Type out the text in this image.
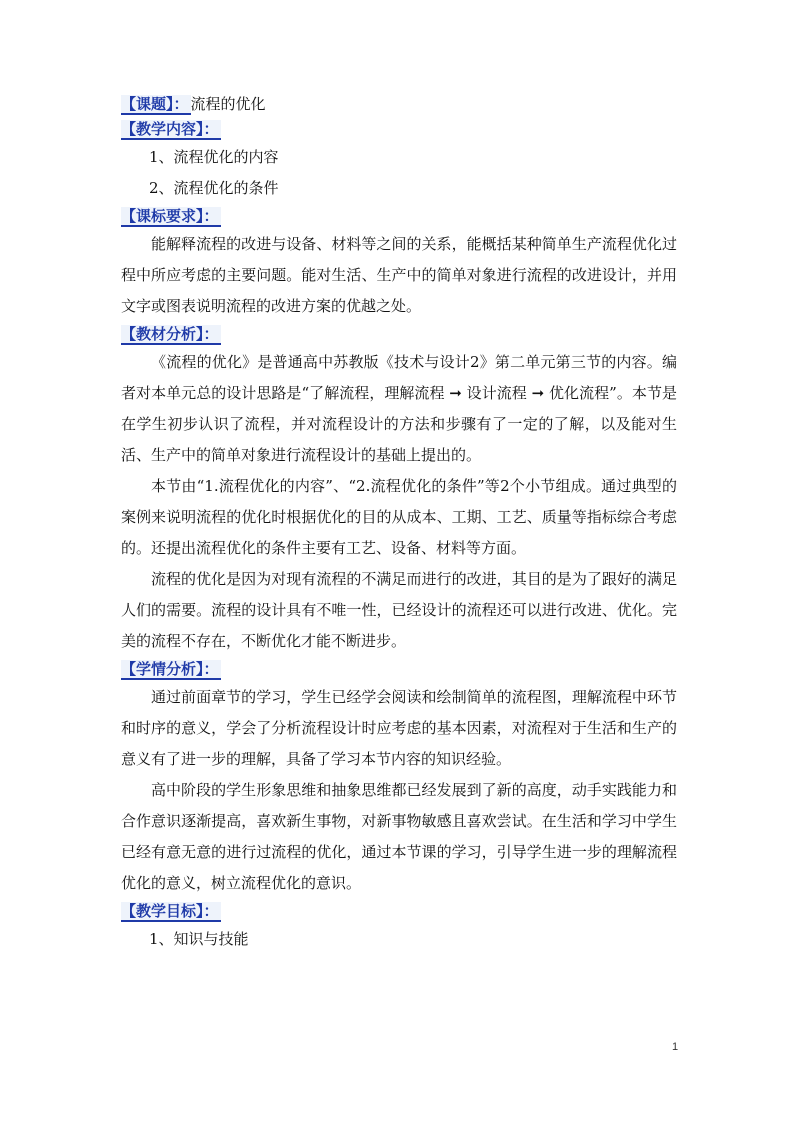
【课题】： 流程的优化

【教学内容】：

1、流程优化的内容

2、流程优化的条件

【课标要求】：

能解释流程的改进与设备、材料等之间的关系，能概括某种简单生产流程优化过程中所应考虑的主要问题。能对生活、生产中的简单对象进行流程的改进设计，并用文字或图表说明流程的改进方案的优越之处。

【教材分析】：

《流程的优化》是普通高中苏教版《技术与设计2》第二单元第三节的内容。编者对本单元总的设计思路是“了解流程，理解流程 ➞ 设计流程 ➞ 优化流程”。本节是在学生初步认识了流程，并对流程设计的方法和步骤有了一定的了解，以及能对生活、生产中的简单对象进行流程设计的基础上提出的。

本节由“1.流程优化的内容”、“2.流程优化的条件”等2个小节组成。通过典型的案例来说明流程的优化时根据优化的目的从成本、工期、工艺、质量等指标综合考虑的。还提出流程优化的条件主要有工艺、设备、材料等方面。

流程的优化是因为对现有流程的不满足而进行的改进，其目的是为了跟好的满足人们的需要。流程的设计具有不唯一性，已经设计的流程还可以进行改进、优化。完美的流程不存在，不断优化才能不断进步。

【学情分析】：

通过前面章节的学习，学生已经学会阅读和绘制简单的流程图，理解流程中环节和时序的意义，学会了分析流程设计时应考虑的基本因素，对流程对于生活和生产的意义有了进一步的理解，具备了学习本节内容的知识经验。

高中阶段的学生形象思维和抽象思维都已经发展到了新的高度，动手实践能力和合作意识逐渐提高，喜欢新生事物，对新事物敏感且喜欢尝试。在生活和学习中学生已经有意无意的进行过流程的优化，通过本节课的学习，引导学生进一步的理解流程优化的意义，树立流程优化的意识。

【教学目标】：

1、知识与技能

1
